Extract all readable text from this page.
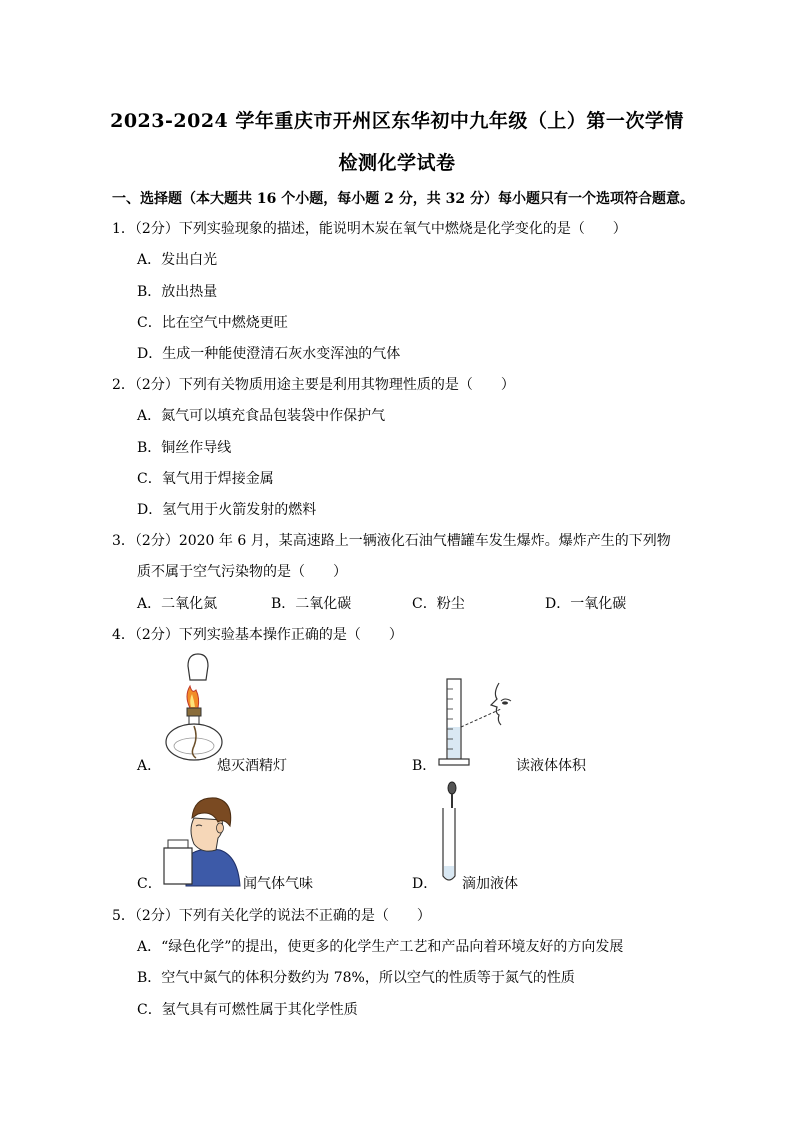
2023-2024 学年重庆市开州区东华初中九年级（上）第一次学情
检测化学试卷
一、选择题（本大题共 16 个小题，每小题 2 分，共 32 分）每小题只有一个选项符合题意。
1．（2分）下列实验现象的描述，能说明木炭在氧气中燃烧是化学变化的是（　　）
A．发出白光
B．放出热量
C．比在空气中燃烧更旺
D．生成一种能使澄清石灰水变浑浊的气体
2．（2分）下列有关物质用途主要是利用其物理性质的是（　　）
A．氮气可以填充食品包装袋中作保护气
B．铜丝作导线
C．氧气用于焊接金属
D．氢气用于火箭发射的燃料
3．（2分）2020 年 6 月，某高速路上一辆液化石油气槽罐车发生爆炸。爆炸产生的下列物
质不属于空气污染物的是（　　）
A．二氧化氮	B．二氧化碳	C．粉尘	D．一氧化碳
4．（2分）下列实验基本操作正确的是（　　）
A．	熄灭酒精灯	B．	读液体体积
C．	闻气体气味	D． 滴加液体
5．（2分）下列有关化学的说法不正确的是（　　）
A．“绿色化学”的提出，使更多的化学生产工艺和产品向着环境友好的方向发展
B．空气中氮气的体积分数约为 78%，所以空气的性质等于氮气的性质
C．氢气具有可燃性属于其化学性质
